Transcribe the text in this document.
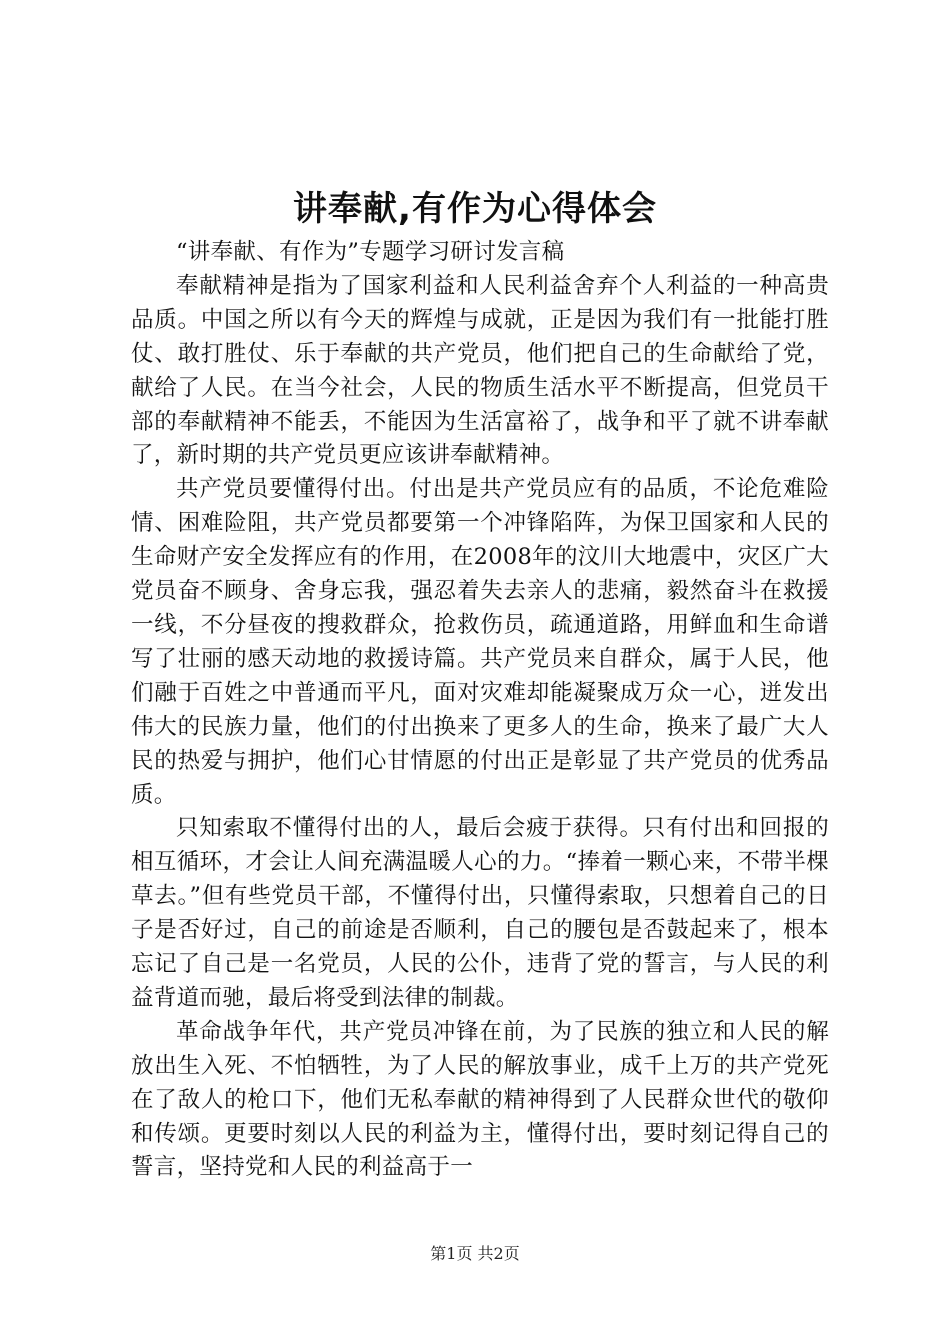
讲奉献,有作为心得体会

“讲奉献、有作为”专题学习研讨发言稿

奉献精神是指为了国家利益和人民利益舍弃个人利益的一种高贵品质。中国之所以有今天的辉煌与成就，正是因为我们有一批能打胜仗、敢打胜仗、乐于奉献的共产党员，他们把自己的生命献给了党，献给了人民。在当今社会，人民的物质生活水平不断提高，但党员干部的奉献精神不能丢，不能因为生活富裕了，战争和平了就不讲奉献了，新时期的共产党员更应该讲奉献精神。

共产党员要懂得付出。付出是共产党员应有的品质，不论危难险情、困难险阻，共产党员都要第一个冲锋陷阵，为保卫国家和人民的生命财产安全发挥应有的作用，在2008年的汶川大地震中，灾区广大党员奋不顾身、舍身忘我，强忍着失去亲人的悲痛，毅然奋斗在救援一线，不分昼夜的搜救群众，抢救伤员，疏通道路，用鲜血和生命谱写了壮丽的感天动地的救援诗篇。共产党员来自群众，属于人民，他们融于百姓之中普通而平凡，面对灾难却能凝聚成万众一心，迸发出伟大的民族力量，他们的付出换来了更多人的生命，换来了最广大人民的热爱与拥护，他们心甘情愿的付出正是彰显了共产党员的优秀品质。

只知索取不懂得付出的人，最后会疲于获得。只有付出和回报的相互循环，才会让人间充满温暖人心的力。“捧着一颗心来，不带半棵草去。”但有些党员干部，不懂得付出，只懂得索取，只想着自己的日子是否好过，自己的前途是否顺利，自己的腰包是否鼓起来了，根本忘记了自己是一名党员，人民的公仆，违背了党的誓言，与人民的利益背道而驰，最后将受到法律的制裁。

革命战争年代，共产党员冲锋在前，为了民族的独立和人民的解放出生入死、不怕牺牲，为了人民的解放事业，成千上万的共产党死在了敌人的枪口下，他们无私奉献的精神得到了人民群众世代的敬仰和传颂。更要时刻以人民的利益为主，懂得付出，要时刻记得自己的誓言，坚持党和人民的利益高于一

第1页 共2页
